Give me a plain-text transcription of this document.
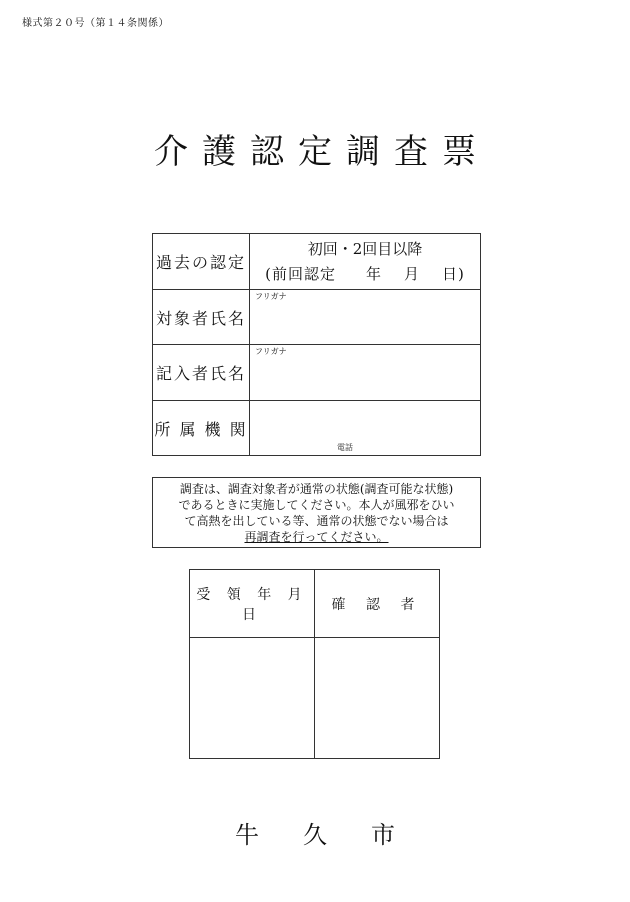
様式第２０号（第１４条関係）
介護認定調査票
過去の認定	初回・2回目以降
(前回認定 年 月 日)

対象者氏名	フリガナ

記入者氏名	フリガナ

所 属 機 関	電話
調査は、調査対象者が通常の状態(調査可能な状態)
であるときに実施してください。本人が風邪をひい
て高熱を出している等、通常の状態でない場合は
再調査を行ってください。
受 領 年 月 日	確 認 者

牛久市
